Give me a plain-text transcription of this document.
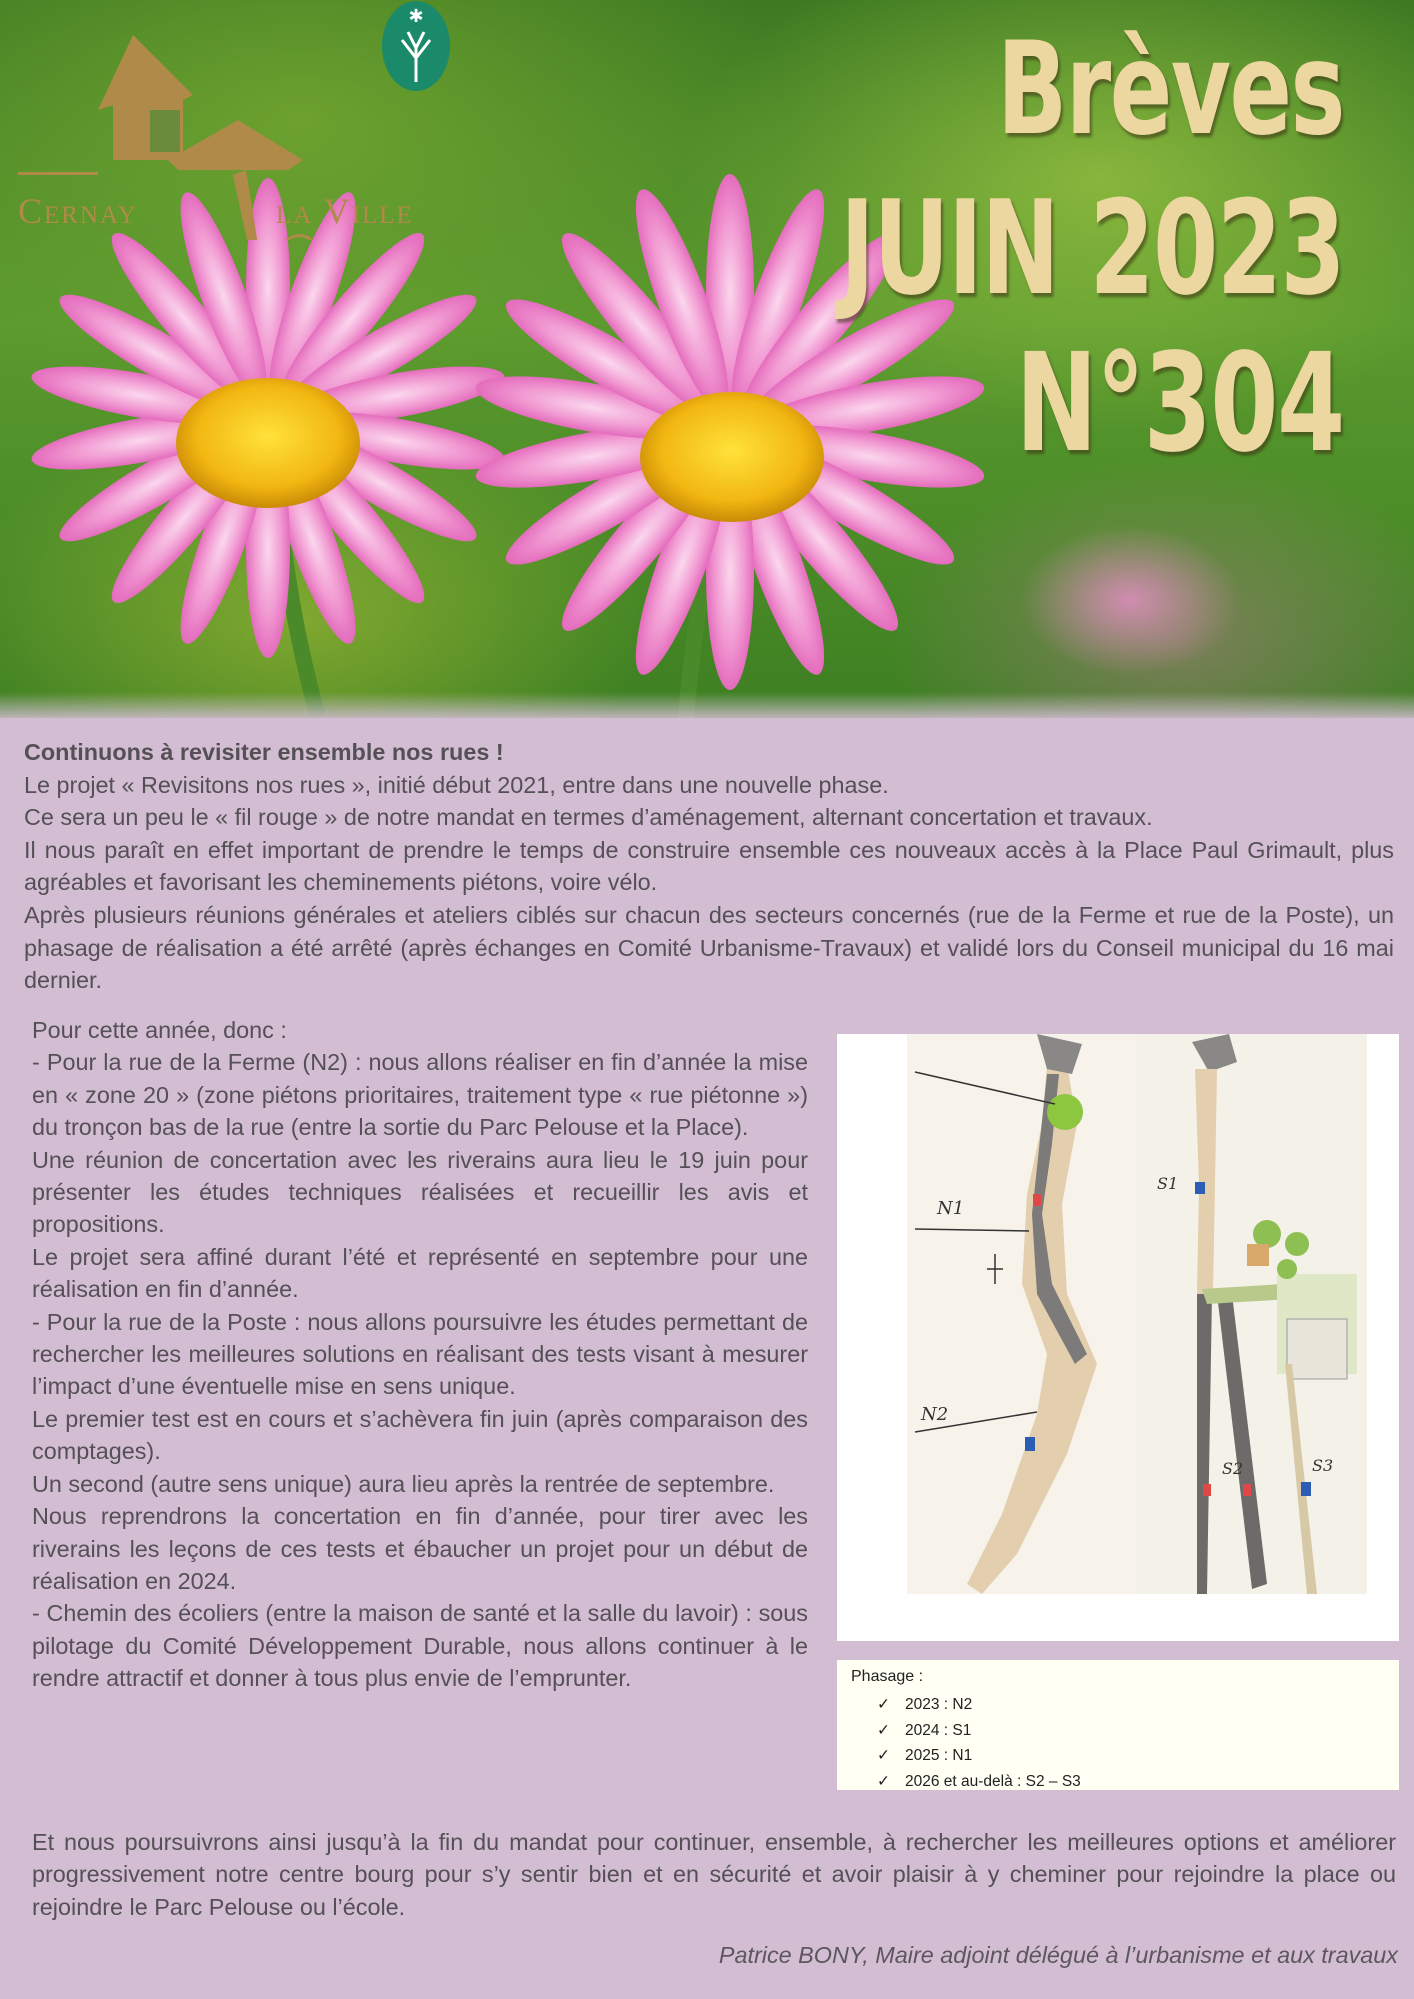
Cernay	la Ville
✱	Brèves
JUIN 2023
N°304

Continuons à revisiter ensemble nos rues !

Le projet « Revisitons nos rues », initié début 2021, entre dans une nouvelle phase.

Ce sera un peu le « fil rouge » de notre mandat en termes d’aménagement, alternant concertation et travaux.

Il nous paraît en effet important de prendre le temps de construire ensemble ces nouveaux accès à la Place Paul Grimault, plus agréables et favorisant les cheminements piétons, voire vélo.

Après plusieurs réunions générales et ateliers ciblés sur chacun des secteurs concernés (rue de la Ferme et rue de la Poste), un phasage de réalisation a été arrêté (après échanges en Comité Urbanisme-Travaux) et validé lors du Conseil municipal du 16 mai dernier.

Pour cette année, donc :

- Pour la rue de la Ferme (N2) : nous allons réaliser en fin d’année la mise en « zone 20 » (zone piétons prioritaires, traitement type « rue piétonne ») du tronçon bas de la rue (entre la sortie du Parc Pelouse et la Place).

Une réunion de concertation avec les riverains aura lieu le 19 juin pour présenter les études techniques réalisées et recueillir les avis et propositions.

Le projet sera affiné durant l’été et représenté en septembre pour une réalisation en fin d’année.

- Pour la rue de la Poste : nous allons poursuivre les études permettant de rechercher les meilleures solutions en réalisant des tests visant à mesurer l’impact d’une éventuelle mise en sens unique.

Le premier test est en cours et s’achèvera fin juin (après comparaison des comptages).

Un second (autre sens unique) aura lieu après la rentrée de septembre.

Nous reprendrons la concertation en fin d’année, pour tirer avec les riverains les leçons de ces tests et ébaucher un projet pour un début de réalisation en 2024.

- Chemin des écoliers (entre la maison de santé et la salle du lavoir) : sous pilotage du Comité Développement Durable, nous allons continuer à le rendre attractif et donner à tous plus envie de l’emprunter.

N1
N2
S1
S2	S3
Phasage :
✓ 2023 : N2
✓ 2024 : S1
✓ 2025 : N1
✓ 2026 et au-delà : S2 – S3
Et nous poursuivrons ainsi jusqu’à la fin du mandat pour continuer, ensemble, à rechercher les meilleures options et améliorer progressivement notre centre bourg pour s’y sentir bien et en sécurité et avoir plaisir à y cheminer pour rejoindre la place ou rejoindre le Parc Pelouse ou l’école.
Patrice BONY, Maire adjoint délégué à l’urbanisme et aux travaux
